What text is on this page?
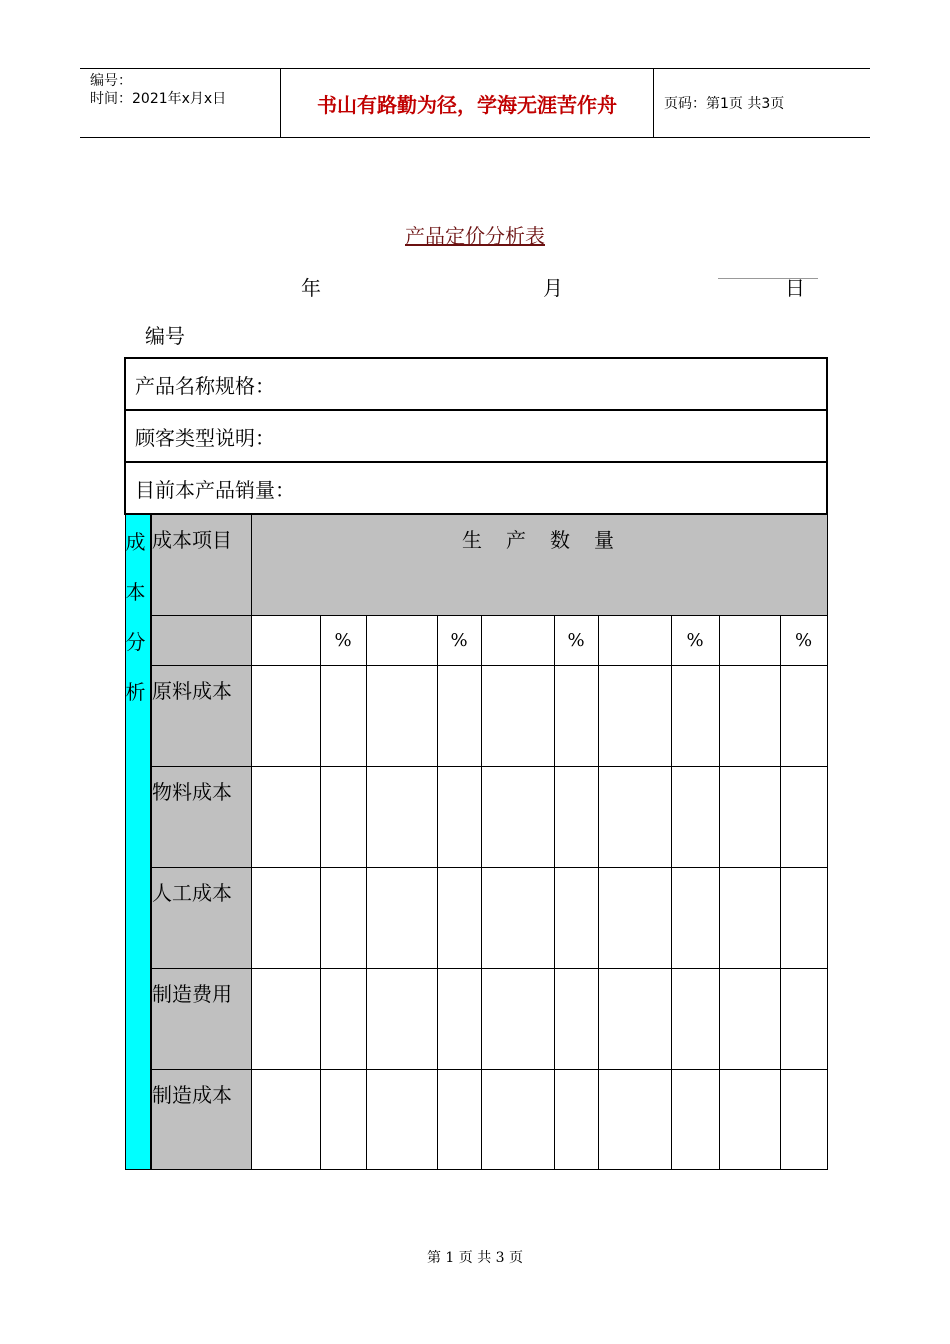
编号：
时间：2021年x月x日	书山有路勤为径，学海无涯苦作舟	页码：第1页 共3页
产品定价分析表
年	月	日
编号
产品名称规格：											
顾客类型说明：											
目前本产品销量：											

成本分析	成本项目	生　产　数　量									
			%		%		%		%		%
	原料成本										
	物料成本										
	人工成本										
	制造费用										
	制造成本										
第 1 页 共 3 页
